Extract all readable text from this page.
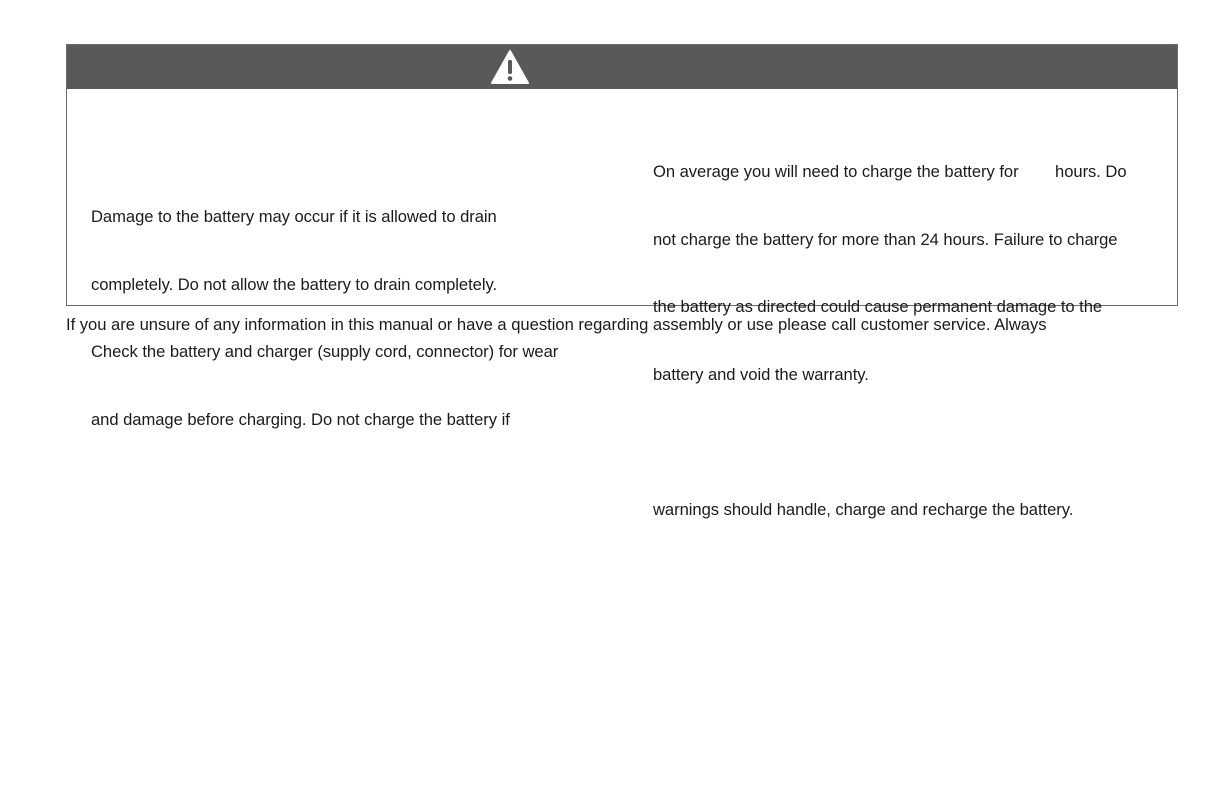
Damage to the battery may occur if it is allowed to drain

completely. Do not allow the battery to drain completely.

Check the battery and charger (supply cord, connector) for wear

and damage before charging. Do not charge the battery if

On average you will need to charge the battery for        hours. Do

not charge the battery for more than 24 hours. Failure to charge

the battery as directed could cause permanent damage to the

battery and void the warranty.

warnings should handle, charge and recharge the battery.

If you are unsure of any information in this manual or have a question regarding assembly or use please call customer service. Always
